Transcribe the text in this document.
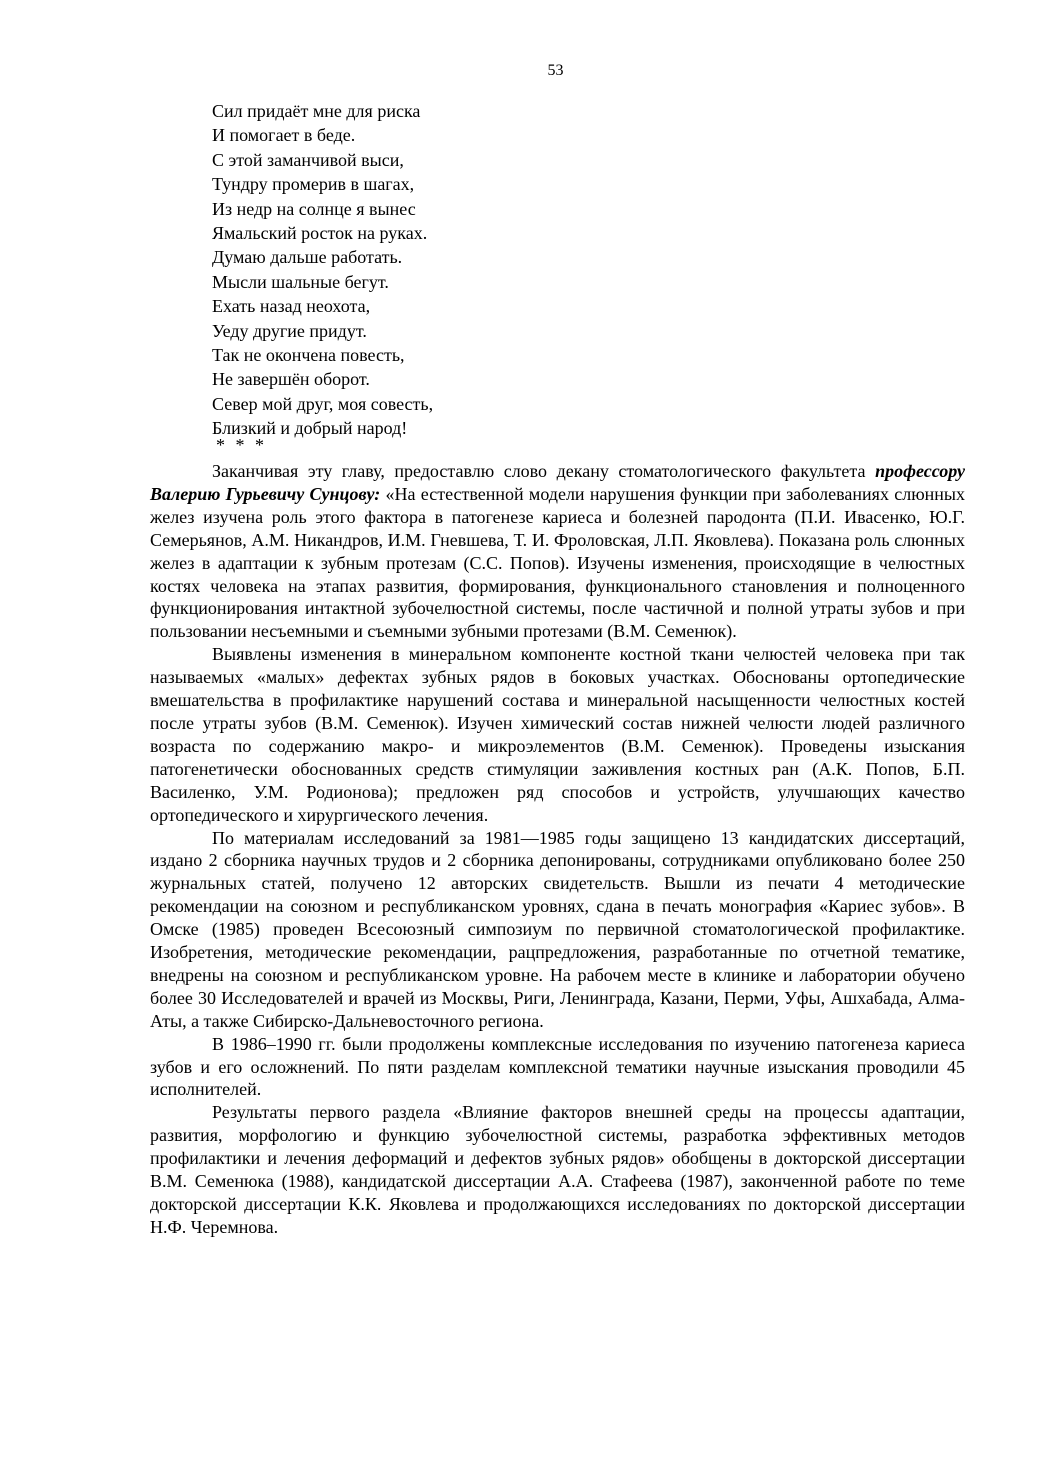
53
Сил придаёт мне для риска
И помогает в беде.
С этой заманчивой выси,
Тундру промерив в шагах,
Из недр на солнце я вынес
Ямальский росток на руках.
Думаю дальше работать.
Мысли шальные бегут.
Ехать назад неохота,
Уеду другие придут.
Так не окончена повесть,
Не завершён оборот.
Север мой друг, моя совесть,
Близкий и добрый народ!
* * *

Заканчивая эту главу, предоставлю слово декану стоматологического факультета профессору Валерию Гурьевичу Сунцову: «На естественной модели нарушения функции при заболеваниях слюнных желез изучена роль этого фактора в патогенезе кариеса и болезней пародонта (П.И. Ивасенко, Ю.Г. Семерьянов, А.М. Никандров, И.М. Гневшева, Т. И. Фроловская, Л.П. Яковлева). Показана роль слюнных желез в адаптации к зубным протезам (С.С. Попов). Изучены изменения, происходящие в челюстных костях человека на этапах развития, формирования, функционального становления и полноценного функционирования интактной зубочелюстной системы, после частичной и полной утраты зубов и при пользовании несъемными и съемными зубными протезами (В.М. Семенюк).

Выявлены изменения в минеральном компоненте костной ткани челюстей человека при так называемых «малых» дефектах зубных рядов в боковых участках. Обоснованы ортопедические вмешательства в профилактике нарушений состава и минеральной насыщенности челюстных костей после утраты зубов (В.М. Семенюк). Изучен химический состав нижней челюсти людей различного возраста по содержанию макро- и микроэлементов (В.М. Семенюк). Проведены изыскания патогенетически обоснованных средств стимуляции заживления костных ран (А.К. Попов, Б.П. Василенко, У.М. Родионова); предложен ряд способов и устройств, улучшающих качество ортопедического и хирургического лечения.

По материалам исследований за 1981—1985 годы защищено 13 кандидатских диссертаций, издано 2 сборника научных трудов и 2 сборника депонированы, сотрудниками опубликовано более 250 журнальных статей, получено 12 авторских свидетельств. Вышли из печати 4 методические рекомендации на союзном и республиканском уровнях, сдана в печать монография «Кариес зубов». В Омске (1985) проведен Всесоюзный симпозиум по первичной стоматологической профилактике. Изобретения, методические рекомендации, рацпредложения, разработанные по отчетной тематике, внедрены на союзном и республиканском уровне. На рабочем месте в клинике и лаборатории обучено более 30 Исследователей и врачей из Москвы, Риги, Ленинграда, Казани, Перми, Уфы, Ашхабада, Алма-Аты, а также Сибирско-Дальневосточного региона.

В 1986–1990 гг. были продолжены комплексные исследования по изучению патогенеза кариеса зубов и его осложнений. По пяти разделам комплексной тематики научные изыскания проводили 45 исполнителей.

Результаты первого раздела «Влияние факторов внешней среды на процессы адаптации, развития, морфологию и функцию зубочелюстной системы, разработка эффективных методов профилактики и лечения деформаций и дефектов зубных рядов» обобщены в докторской диссертации В.М. Семенюка (1988), кандидатской диссертации А.А. Стафеева (1987), законченной работе по теме докторской диссертации К.К. Яковлева и продолжающихся исследованиях по докторской диссертации Н.Ф. Черемнова.
